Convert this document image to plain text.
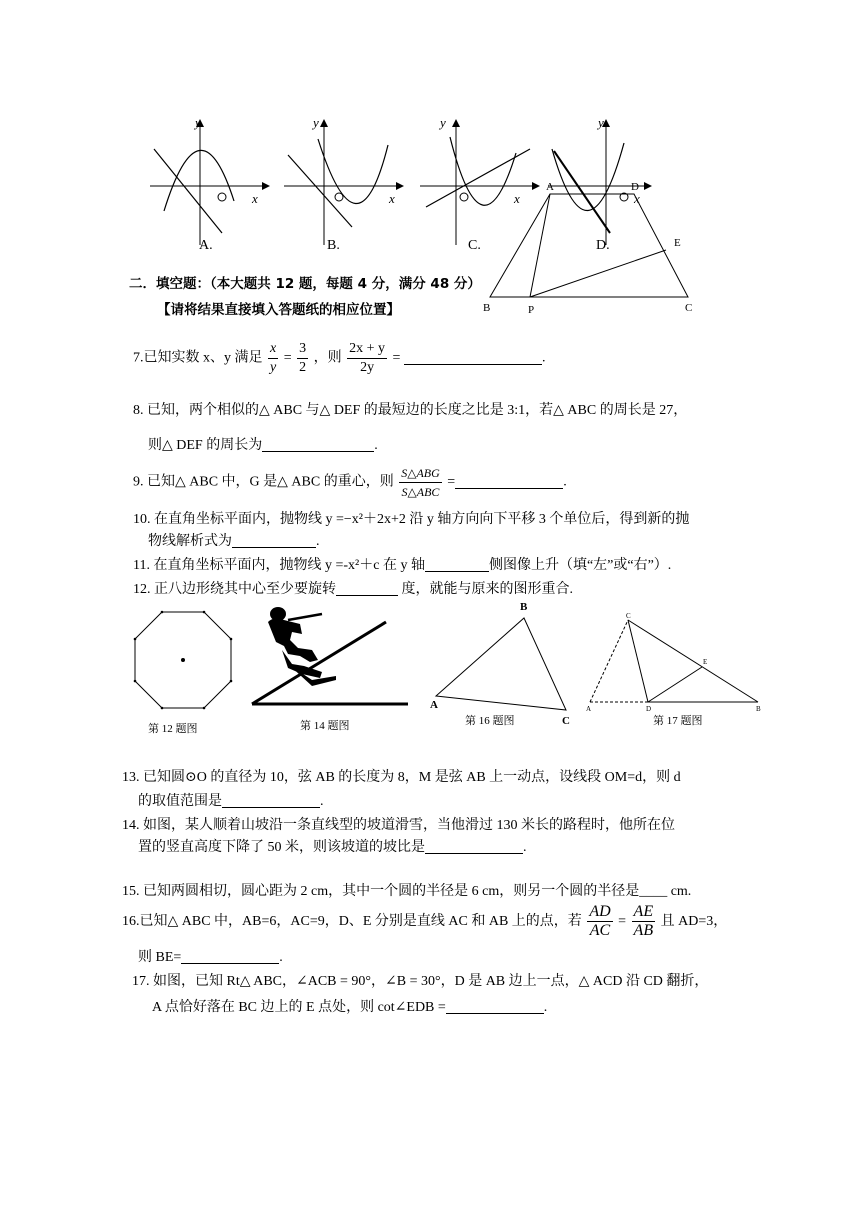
y
x
A.
y
x
B.
y
x
C.
y
x
D.
A	D
E
B	P	C
二．填空题：（本大题共 12 题，每题 4 分，满分 48 分）
【请将结果直接填入答题纸的相应位置】
7.已知实数 x、y 满足 $\frac{x}{y} = \frac{3}{2}$ ，则 $\frac{2x + y}{2y}$ =	.
8. 已知，两个相似的△ ABC 与△ DEF 的最短边的长度之比是 3:1，若△ ABC 的周长是 27，
则△ DEF 的周长为	.
9. 已知△ ABC 中，G 是△ ABC 的重心，则 $\frac{\text{S△ABG}}{\text{S△ABC}}$ =	.
10. 在直角坐标平面内，抛物线 y =−x²＋2x+2 沿 y 轴方向向下平移 3 个单位后，得到新的抛
物线解析式为	.
11. 在直角坐标平面内，抛物线 y =-x²＋c 在 y 轴	侧图像上升（填“左”或“右”）.
12. 正八边形绕其中心至少要旋转	度，就能与原来的图形重合.
第 12 题图	第 14 题图
B
A
C
第 16 题图
C
E
A	D	B
第 17 题图
13. 已知圆⊙O 的直径为 10，弦 AB 的长度为 8，M 是弦 AB 上一动点，设线段 OM=d，则 d
的取值范围是	.
14. 如图，某人顺着山坡沿一条直线型的坡道滑雪，当他滑过 130 米长的路程时，他所在位
置的竖直高度下降了 50 米，则该坡道的坡比是	.
15. 已知两圆相切，圆心距为 2 cm，其中一个圆的半径是 6 cm，则另一个圆的半径是____ cm.
16.已知△ ABC 中，AB=6，AC=9，D、E 分别是直线 AC 和 AB 上的点，若 $\frac{AD}{AC} = \frac{AE}{AB}$ 且 AD=3，
则 BE=	.
17. 如图，已知 Rt△ ABC，∠ACB = 90°，∠B = 30°，D 是 AB 边上一点，△ ACD 沿 CD 翻折，
A 点恰好落在 BC 边上的 E 点处，则 cot∠EDB =	.
